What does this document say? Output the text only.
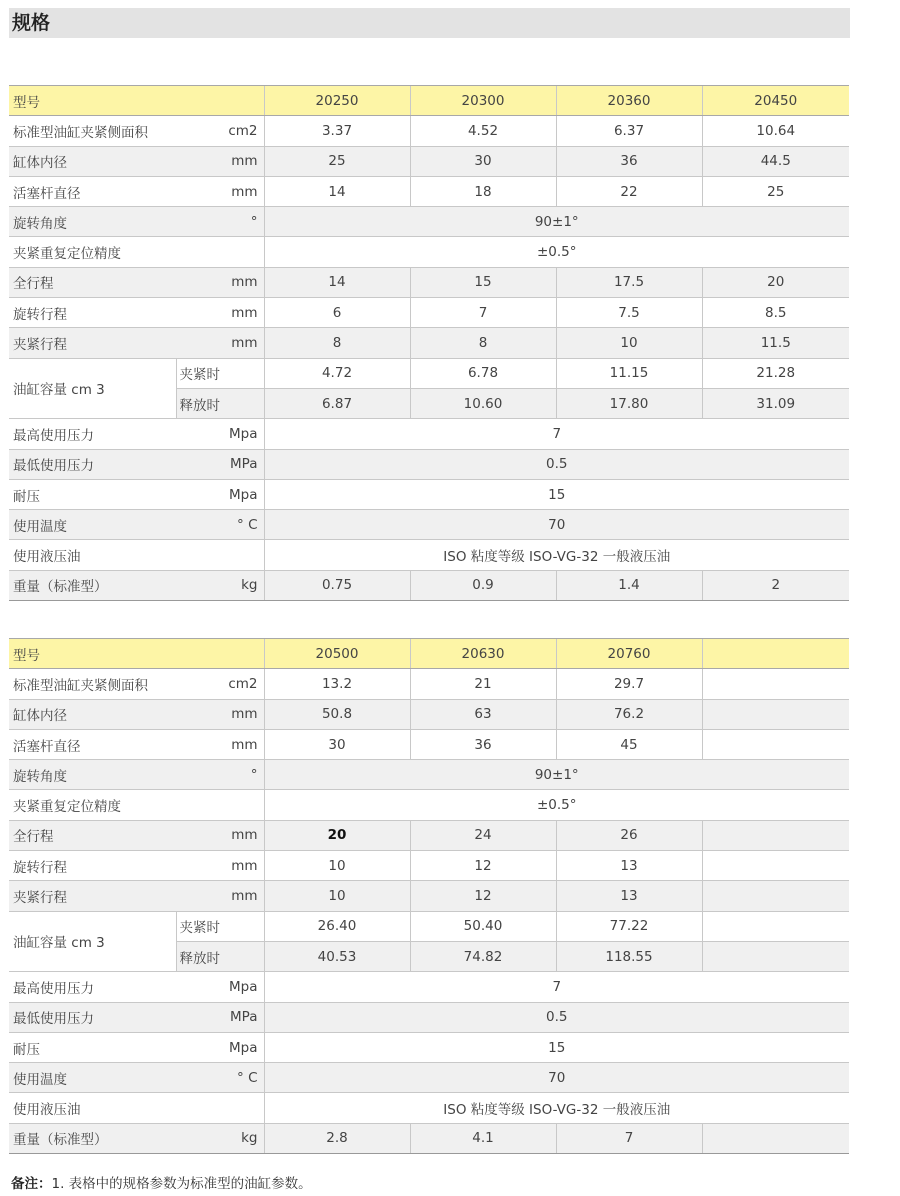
规格
型号		20250	20300	20360	20450
标准型油缸夹紧侧面积	cm2	3.37	4.52	6.37	10.64
缸体内径	mm	25	30	36	44.5
活塞杆直径	mm	14	18	22	25
旋转角度	°	90±1°			
夹紧重复定位精度		±0.5°			
全行程	mm	14	15	17.5	20
旋转行程	mm	6	7	7.5	8.5
夹紧行程	mm	8	8	10	11.5
油缸容量 cm 3	夹紧时	4.72	6.78	11.15	21.28
	释放时	6.87	10.60	17.80	31.09
最高使用压力	Mpa	7			
最低使用压力	MPa	0.5			
耐压	Mpa	15			
使用温度	° C	70			
使用液压油		ISO 粘度等级 ISO-VG-32 一般液压油			
重量（标准型）	kg	0.75	0.9	1.4	2
型号		20500	20630	20760	
标准型油缸夹紧侧面积	cm2	13.2	21	29.7	
缸体内径	mm	50.8	63	76.2	
活塞杆直径	mm	30	36	45	
旋转角度	°	90±1°			
夹紧重复定位精度		±0.5°			
全行程	mm	20	24	26	
旋转行程	mm	10	12	13	
夹紧行程	mm	10	12	13	
油缸容量 cm 3	夹紧时	26.40	50.40	77.22	
	释放时	40.53	74.82	118.55	
最高使用压力	Mpa	7			
最低使用压力	MPa	0.5			
耐压	Mpa	15			
使用温度	° C	70			
使用液压油		ISO 粘度等级 ISO-VG-32 一般液压油			
重量（标准型）	kg	2.8	4.1	7	
备注：1. 表格中的规格参数为标准型的油缸参数。
